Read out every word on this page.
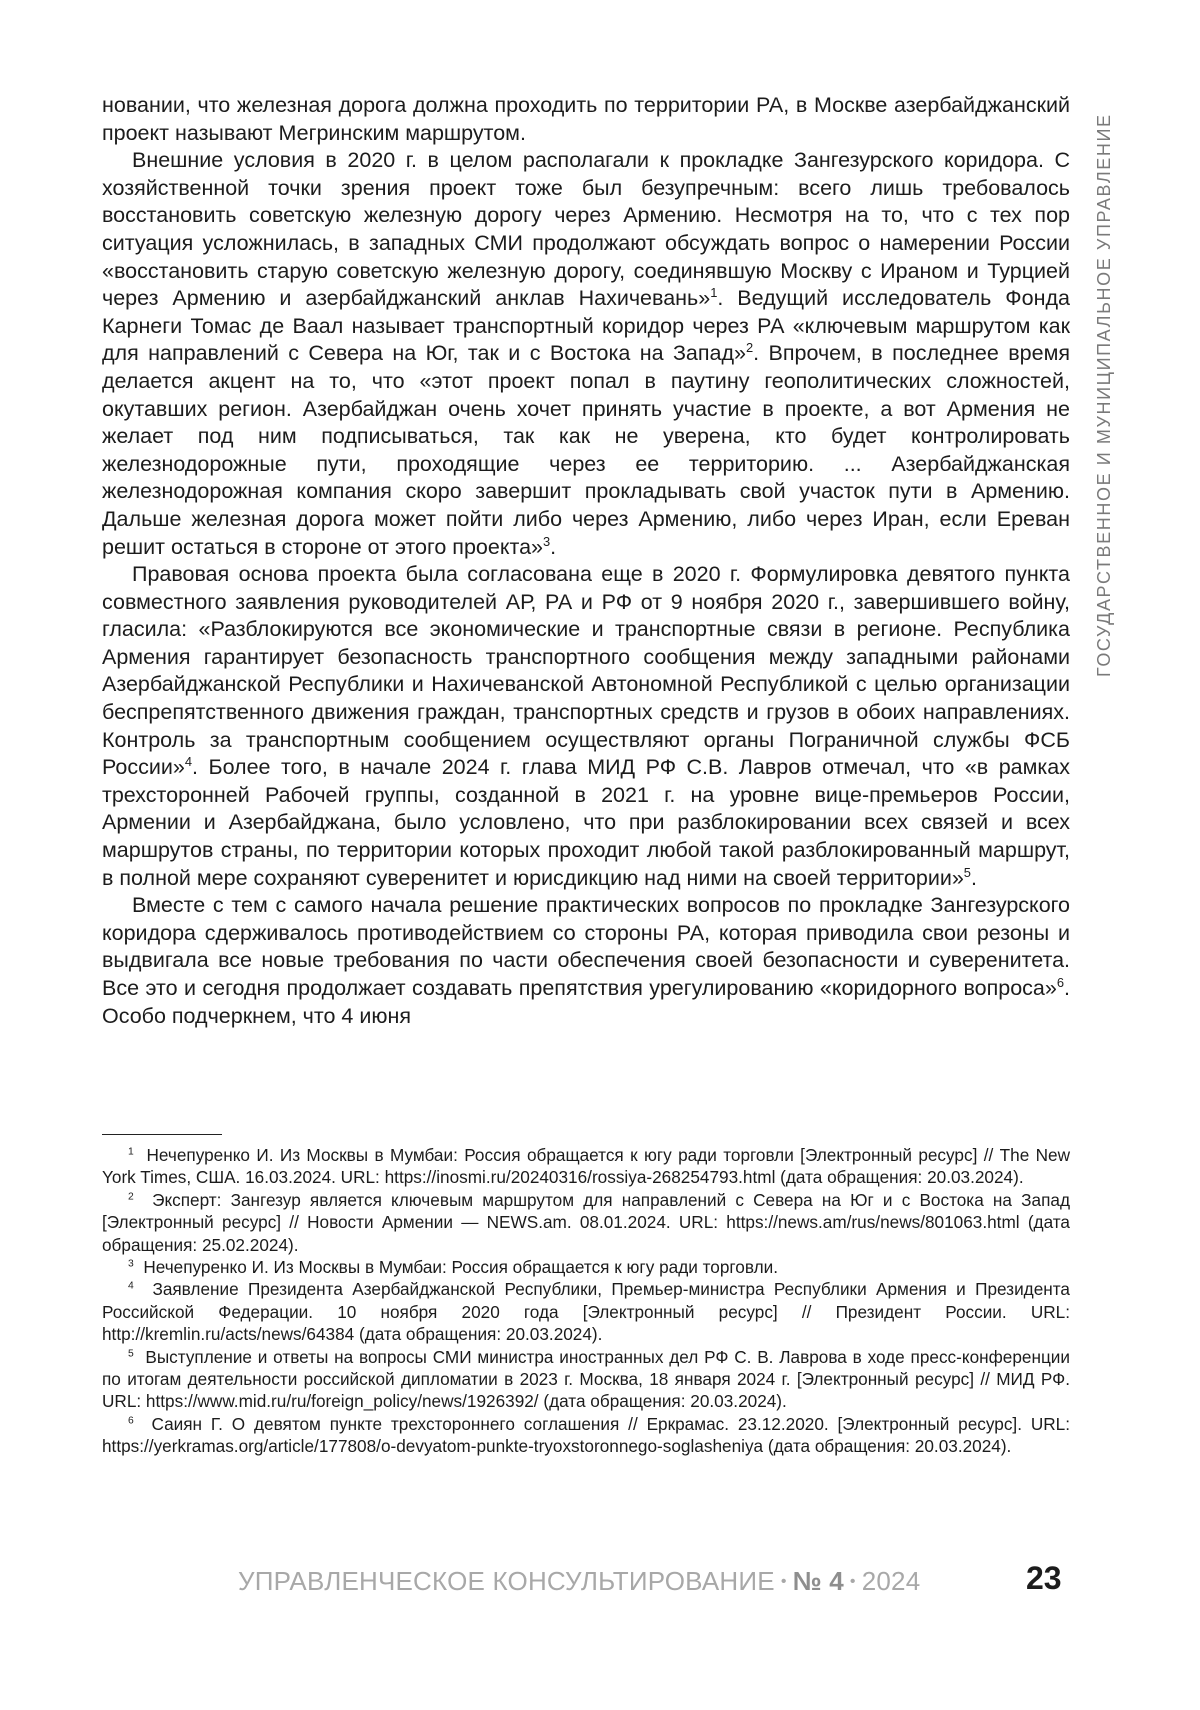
ГОСУДАРСТВЕННОЕ И МУНИЦИПАЛЬНОЕ УПРАВЛЕНИЕ

новании, что железная дорога должна проходить по территории РА, в Москве азербайджанский проект называют Мегринским маршрутом.

Внешние условия в 2020 г. в целом располагали к прокладке Зангезурского коридора. С хозяйственной точки зрения проект тоже был безупречным: всего лишь требовалось восстановить советскую железную дорогу через Армению. Несмотря на то, что с тех пор ситуация усложнилась, в западных СМИ продолжают обсуждать вопрос о намерении России «восстановить старую советскую железную дорогу, соединявшую Москву с Ираном и Турцией через Армению и азербайджанский анклав Нахичевань»$^1$. Ведущий исследователь Фонда Карнеги Томас де Ваал называет транспортный коридор через РА «ключевым маршрутом как для направлений с Севера на Юг, так и с Востока на Запад»$^2$. Впрочем, в последнее время делается акцент на то, что «этот проект попал в паутину геополитических сложностей, окутавших регион. Азербайджан очень хочет принять участие в проекте, а вот Армения не желает под ним подписываться, так как не уверена, кто будет контролировать железнодорожные пути, проходящие через ее территорию. ... Азербайджанская железнодорожная компания скоро завершит прокладывать свой участок пути в Армению. Дальше железная дорога может пойти либо через Армению, либо через Иран, если Ереван решит остаться в стороне от этого проекта»$^3$.

Правовая основа проекта была согласована еще в 2020 г. Формулировка девятого пункта совместного заявления руководителей АР, РА и РФ от 9 ноября 2020 г., завершившего войну, гласила: «Разблокируются все экономические и транспортные связи в регионе. Республика Армения гарантирует безопасность транспортного сообщения между западными районами Азербайджанской Республики и Нахичеванской Автономной Республикой с целью организации беспрепятственного движения граждан, транспортных средств и грузов в обоих направлениях. Контроль за транспортным сообщением осуществляют органы Пограничной службы ФСБ России»$^4$. Более того, в начале 2024 г. глава МИД РФ С.В. Лавров отмечал, что «в рамках трехсторонней Рабочей группы, созданной в 2021 г. на уровне вице-премьеров России, Армении и Азербайджана, было условлено, что при разблокировании всех связей и всех маршрутов страны, по территории которых проходит любой такой разблокированный маршрут, в полной мере сохраняют суверенитет и юрисдикцию над ними на своей территории»$^5$.

Вместе с тем с самого начала решение практических вопросов по прокладке Зангезурского коридора сдерживалось противодействием со стороны РА, которая приводила свои резоны и выдвигала все новые требования по части обеспечения своей безопасности и суверенитета. Все это и сегодня продолжает создавать препятствия урегулированию «коридорного вопроса»$^6$. Особо подчеркнем, что 4 июня

$^1$ Нечепуренко И. Из Москвы в Мумбаи: Россия обращается к югу ради торговли [Электронный ресурс] // The New York Times, США. 16.03.2024. URL: https://inosmi.ru/20240316/rossiya-268254793.html (дата обращения: 20.03.2024).

$^2$ Эксперт: Зангезур является ключевым маршрутом для направлений с Севера на Юг и с Востока на Запад [Электронный ресурс] // Новости Армении — NEWS.am. 08.01.2024. URL: https://news.am/rus/news/801063.html (дата обращения: 25.02.2024).

$^3$ Нечепуренко И. Из Москвы в Мумбаи: Россия обращается к югу ради торговли.

$^4$ Заявление Президента Азербайджанской Республики, Премьер-министра Республики Армения и Президента Российской Федерации. 10 ноября 2020 года [Электронный ресурс] // Президент России. URL: http://kremlin.ru/acts/news/64384 (дата обращения: 20.03.2024).

$^5$ Выступление и ответы на вопросы СМИ министра иностранных дел РФ С. В. Лаврова в ходе пресс-конференции по итогам деятельности российской дипломатии в 2023 г. Москва, 18 января 2024 г. [Электронный ресурс] // МИД РФ. URL: https://www.mid.ru/ru/foreign_policy/news/1926392/ (дата обращения: 20.03.2024).

$^6$ Саиян Г. О девятом пункте трехстороннего соглашения // Еркрамас. 23.12.2020. [Электронный ресурс]. URL: https://yerkramas.org/article/177808/o-devyatom-punkte-tryoxstoronnego-soglasheniya (дата обращения: 20.03.2024).

УПРАВЛЕНЧЕСКОЕ КОНСУЛЬТИРОВАНИЕ • № 4 • 2024	23
